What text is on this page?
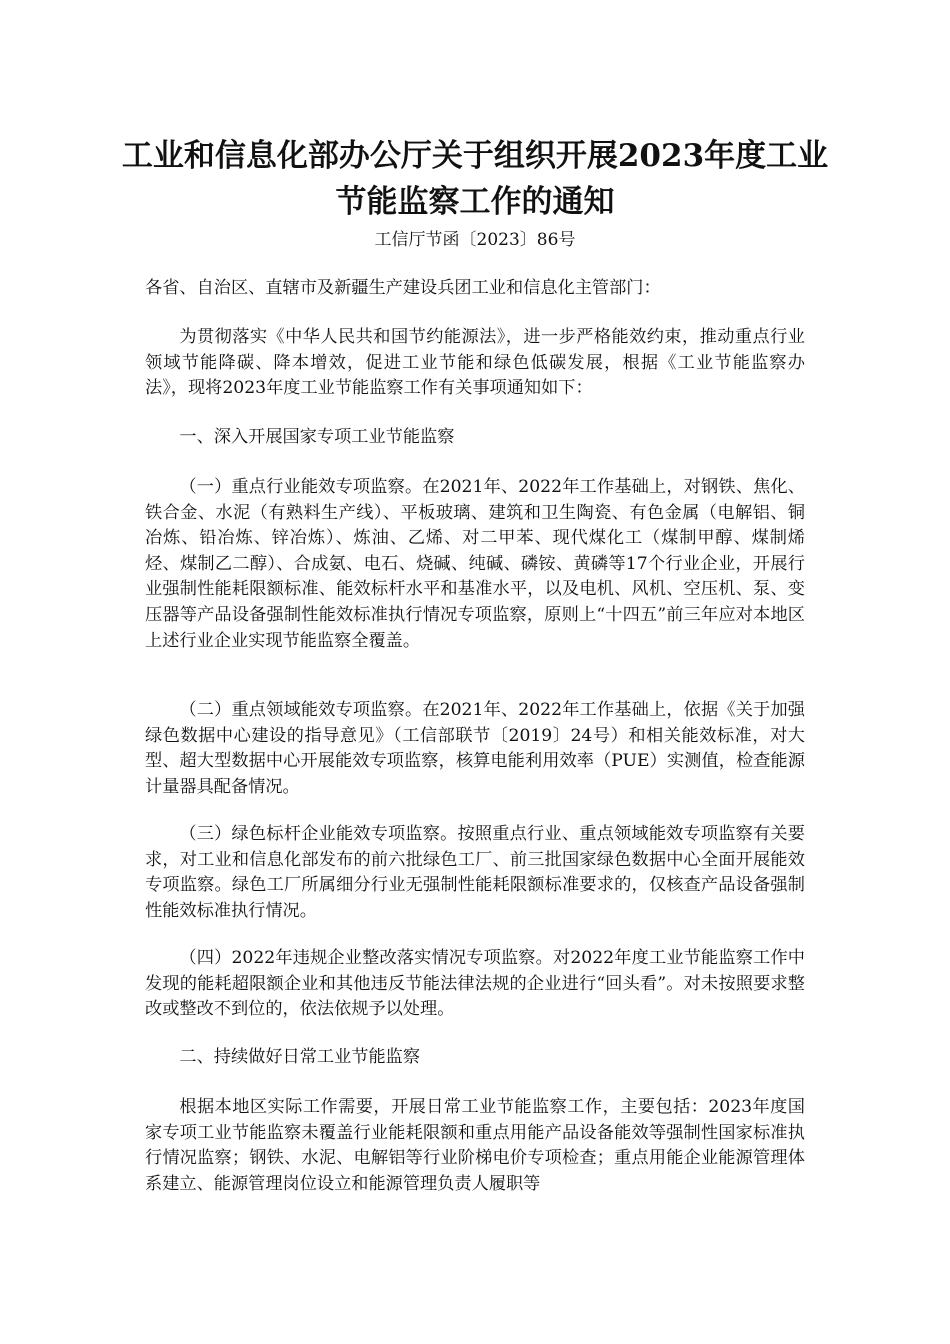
工业和信息化部办公厅关于组织开展2023年度工业
节能监察工作的通知
工信厅节函〔2023〕86号

各省、自治区、直辖市及新疆生产建设兵团工业和信息化主管部门：

为贯彻落实《中华人民共和国节约能源法》，进一步严格能效约束，推动重点行业领域节能降碳、降本增效，促进工业节能和绿色低碳发展，根据《工业节能监察办法》，现将2023年度工业节能监察工作有关事项通知如下：

一、深入开展国家专项工业节能监察

（一）重点行业能效专项监察。在2021年、2022年工作基础上，对钢铁、焦化、铁合金、水泥（有熟料生产线）、平板玻璃、建筑和卫生陶瓷、有色金属（电解铝、铜冶炼、铅冶炼、锌冶炼）、炼油、乙烯、对二甲苯、现代煤化工（煤制甲醇、煤制烯烃、煤制乙二醇）、合成氨、电石、烧碱、纯碱、磷铵、黄磷等17个行业企业，开展行业强制性能耗限额标准、能效标杆水平和基准水平，以及电机、风机、空压机、泵、变压器等产品设备强制性能效标准执行情况专项监察，原则上“十四五”前三年应对本地区上述行业企业实现节能监察全覆盖。

（二）重点领域能效专项监察。在2021年、2022年工作基础上，依据《关于加强绿色数据中心建设的指导意见》（工信部联节〔2019〕24号）和相关能效标准，对大型、超大型数据中心开展能效专项监察，核算电能利用效率（PUE）实测值，检查能源计量器具配备情况。

（三）绿色标杆企业能效专项监察。按照重点行业、重点领域能效专项监察有关要求，对工业和信息化部发布的前六批绿色工厂、前三批国家绿色数据中心全面开展能效专项监察。绿色工厂所属细分行业无强制性能耗限额标准要求的，仅核查产品设备强制性能效标准执行情况。

（四）2022年违规企业整改落实情况专项监察。对2022年度工业节能监察工作中发现的能耗超限额企业和其他违反节能法律法规的企业进行“回头看”。对未按照要求整改或整改不到位的，依法依规予以处理。

二、持续做好日常工业节能监察

根据本地区实际工作需要，开展日常工业节能监察工作，主要包括：2023年度国家专项工业节能监察未覆盖行业能耗限额和重点用能产品设备能效等强制性国家标准执行情况监察；钢铁、水泥、电解铝等行业阶梯电价专项检查；重点用能企业能源管理体系建立、能源管理岗位设立和能源管理负责人履职等
